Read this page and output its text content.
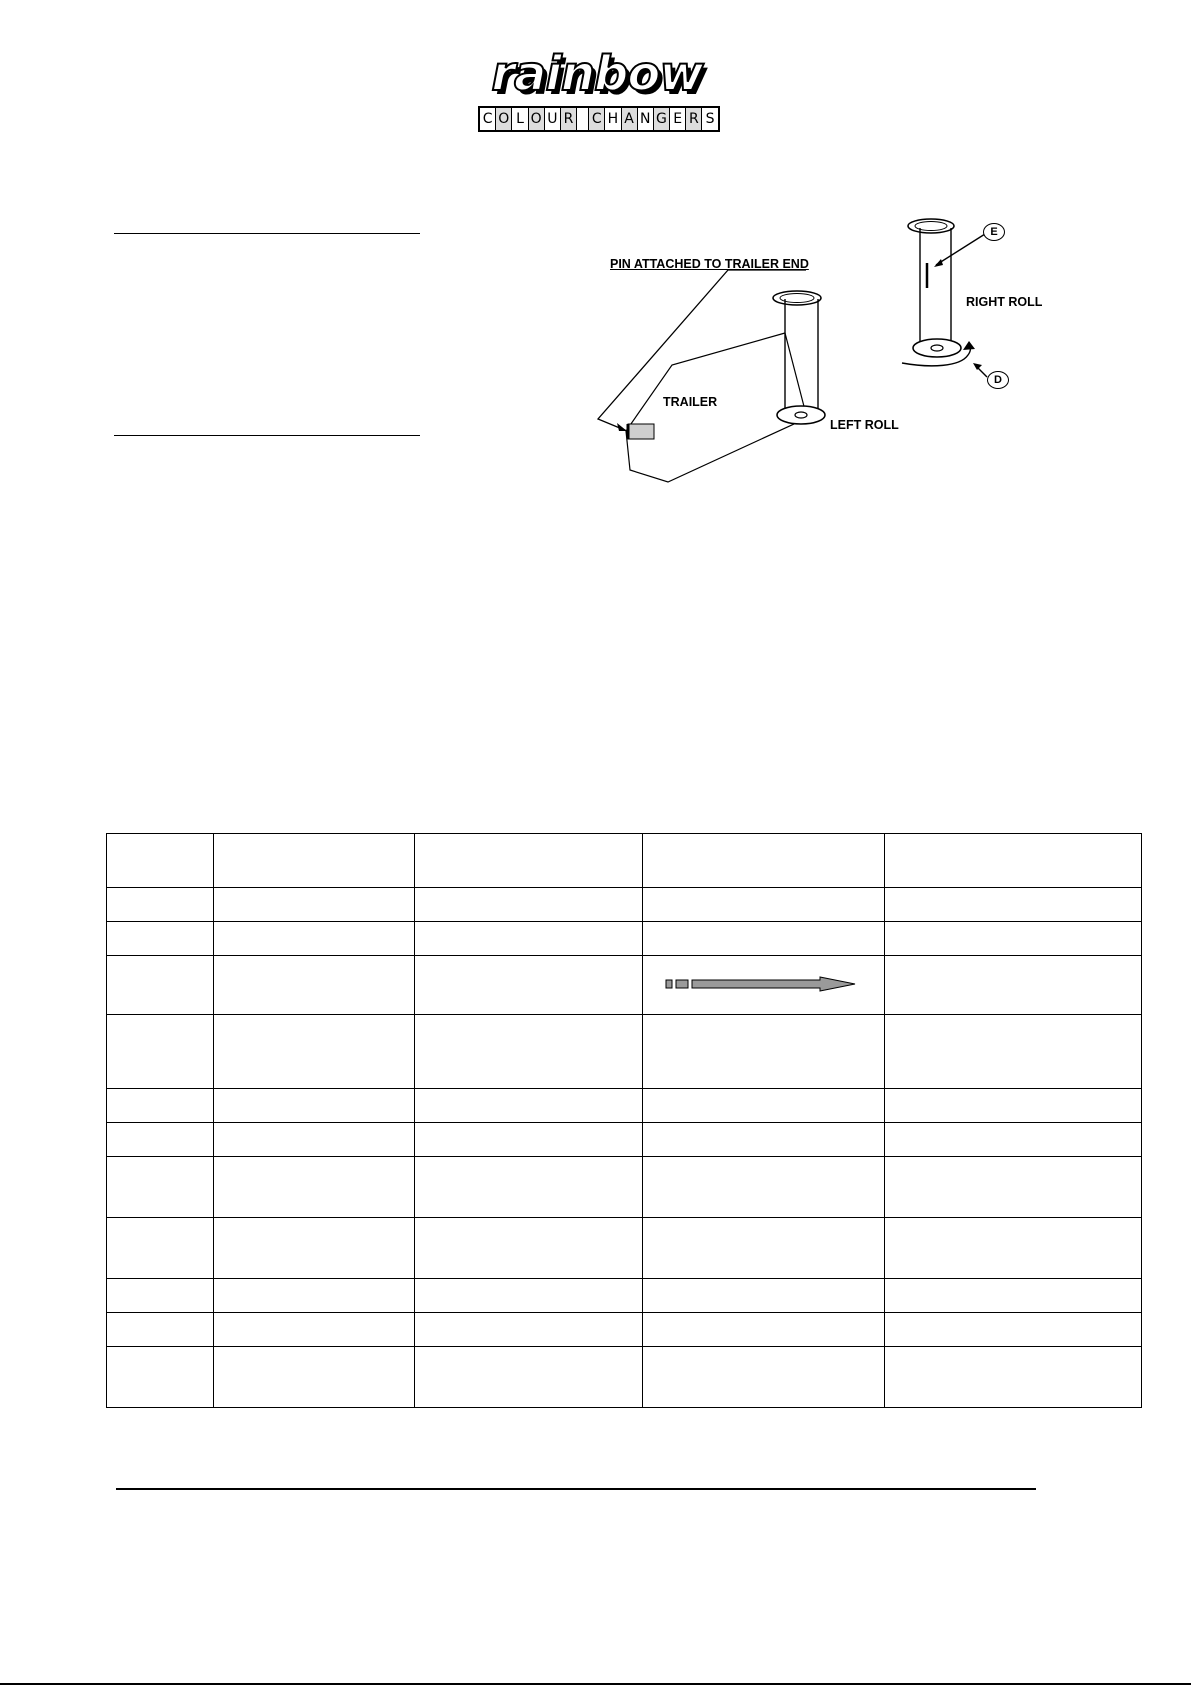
rainbow
C O L O U R C H A N G E R S
PIN ATTACHED TO TRAILER END
TRAILER
LEFT ROLL
RIGHT ROLL
E
D
